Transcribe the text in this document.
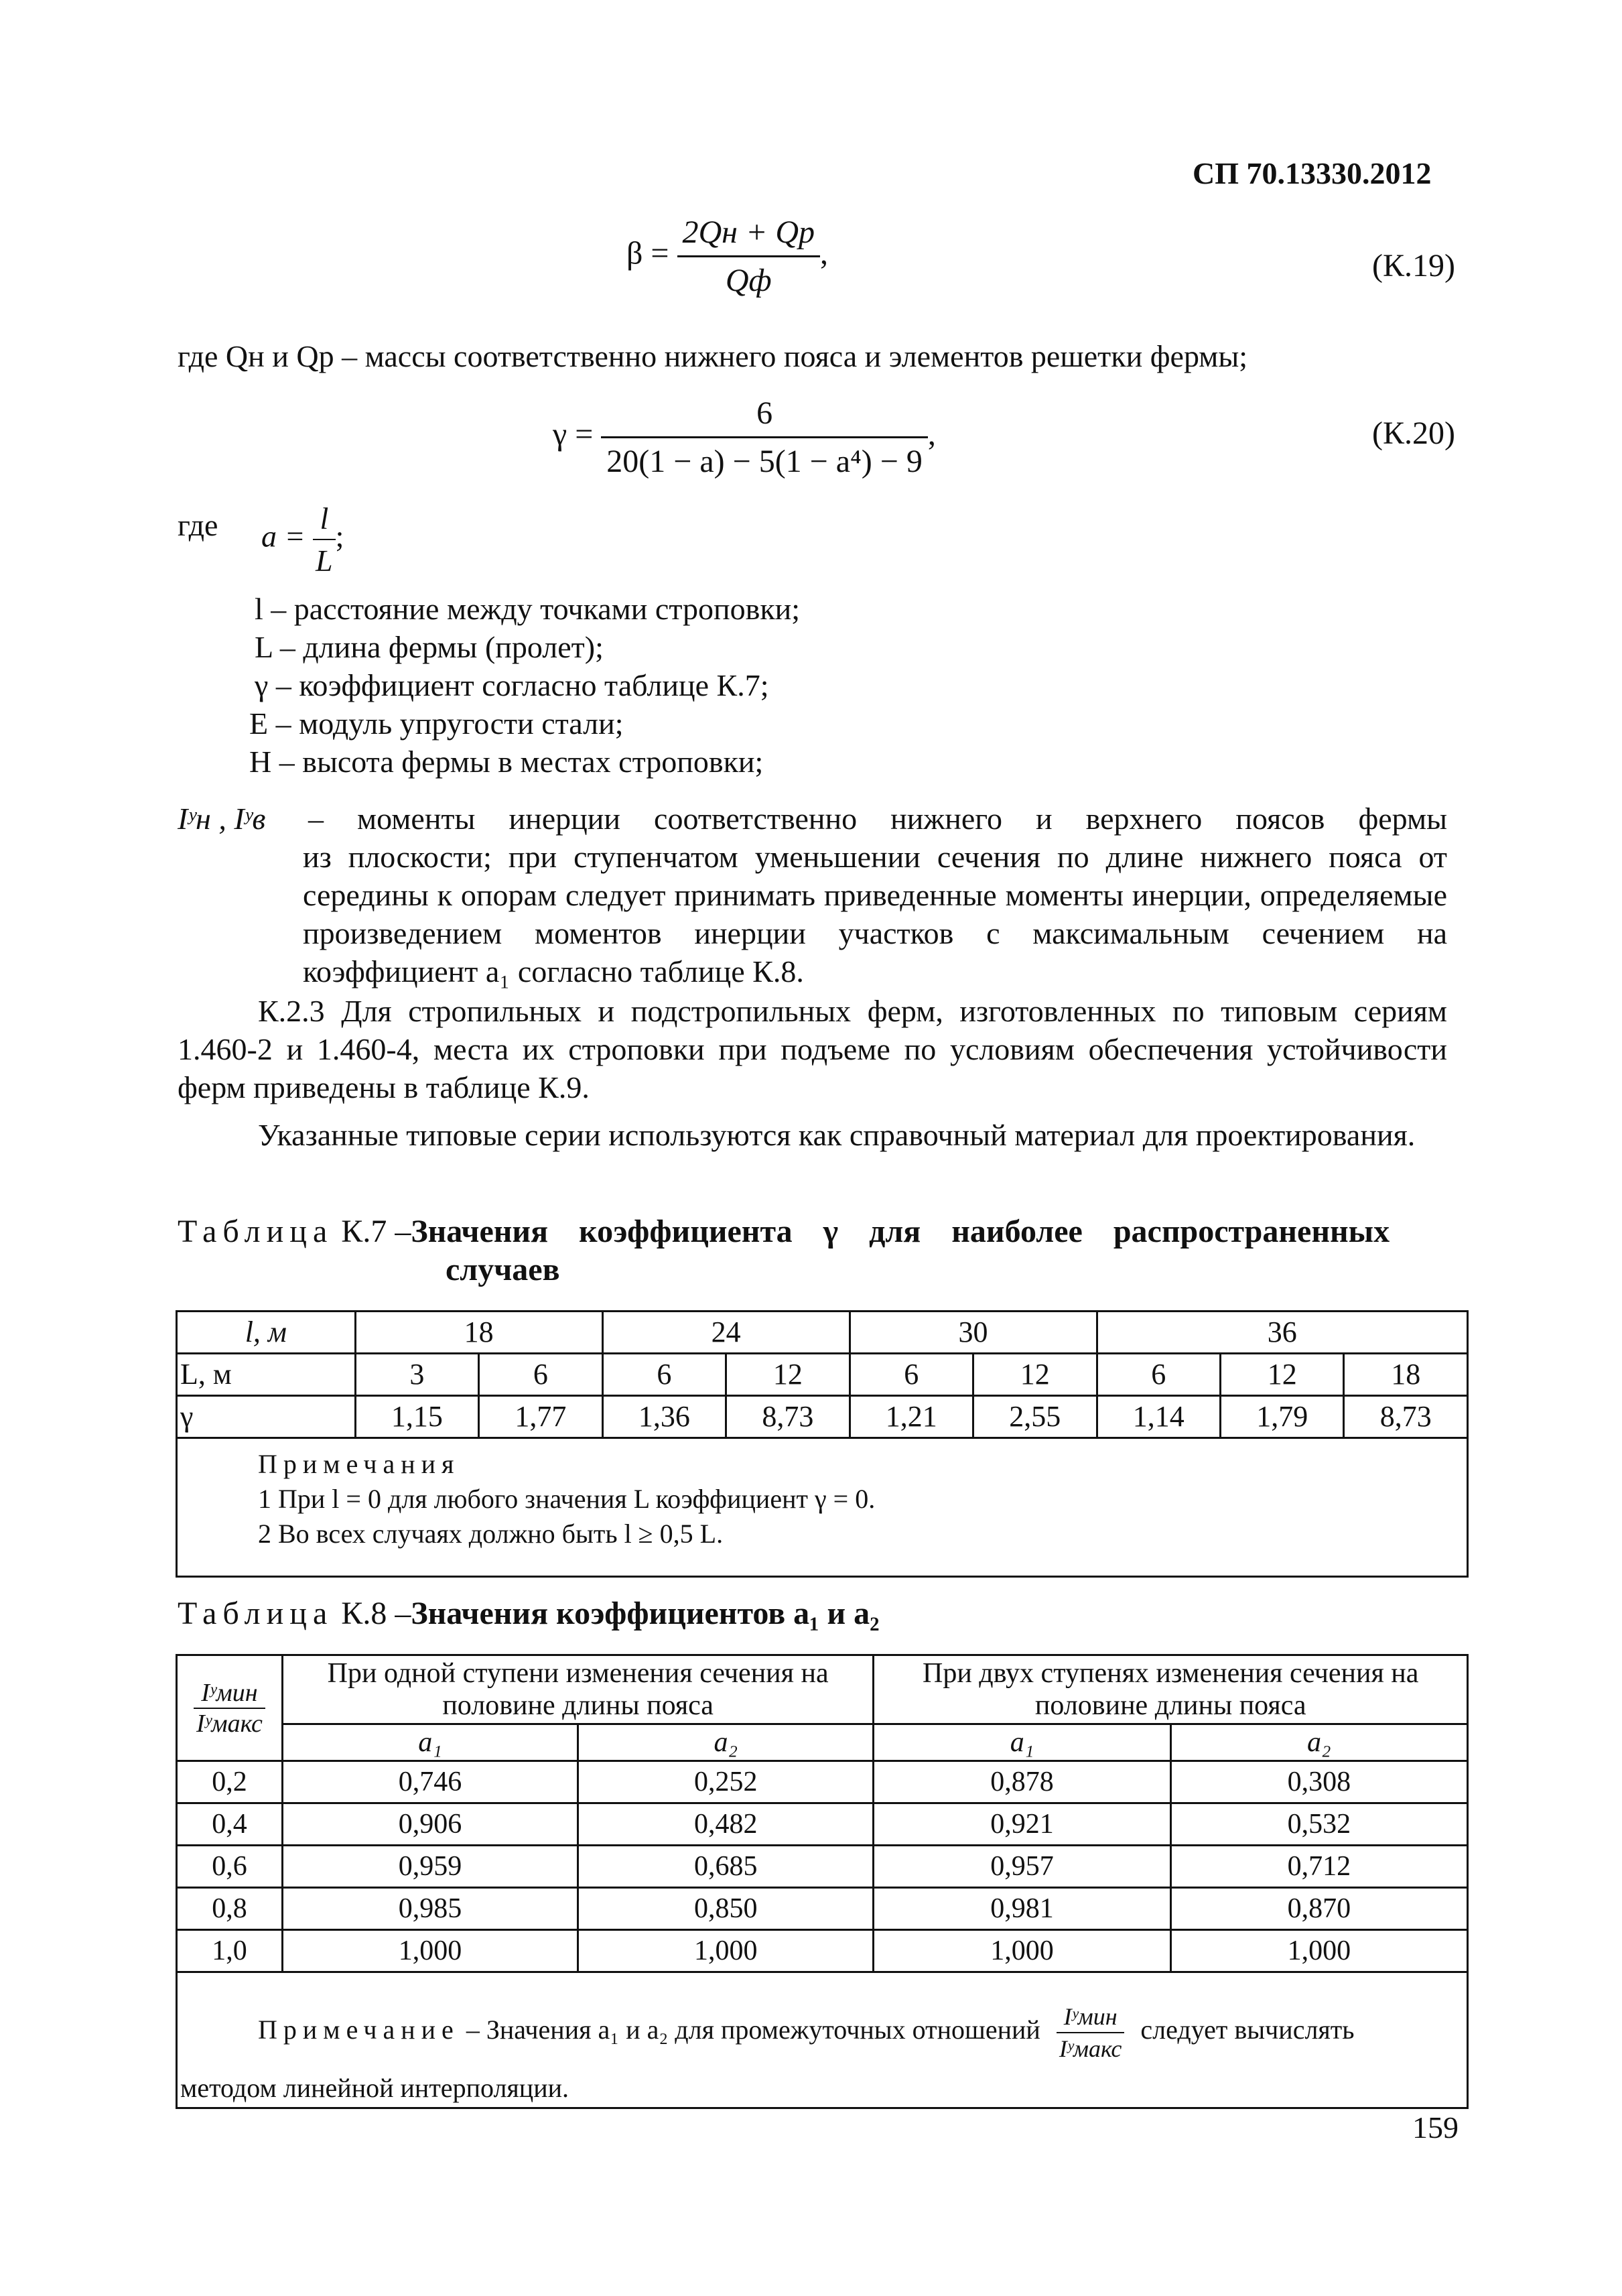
СП 70.13330.2012
$\beta = \frac{2Qн + Qр}{Qф}$ ,	(К.19)
где Qн и Qр – массы соответственно нижнего пояса и элементов решетки фермы;
$\gamma = \frac{6}{\text{20(1 − a) − 5(1 − a⁴) − 9}}$ ,	(К.20)
где $a = \frac{l}{L}$ ;
l – расстояние между точками строповки;
L – длина фермы (пролет);
γ – коэффициент согласно таблице К.7;
E – модуль упругости стали;
H – высота фермы в местах строповки;
Iʸн , Iʸв – моменты инерции соответственно нижнего и верхнего поясов фермы
из плоскости; при ступенчатом уменьшении сечения по длине нижнего пояса от середины к опорам следует принимать приведенные моменты инерции, определяемые произведением моментов инерции участков с максимальным сечением на коэффициент a₁ согласно таблице К.8.
К.2.3 Для стропильных и подстропильных ферм, изготовленных по типовым сериям 1.460-2 и 1.460-4, места их строповки при подъеме по условиям обеспечения устойчивости ферм приведены в таблице К.9.
Указанные типовые серии используются как справочный материал для проектирования.
Таблица К.7 –Значения коэффициента γ для наиболее распространенных
случаев
l, м	18		24		30		36		
L, м	3	6	6	12	6	12	6	12	18
γ	1,15	1,77	1,36	8,73	1,21	2,55	1,14	1,79	8,73

Примечания
1 При l = 0 для любого значения L коэффициент γ = 0.
2 Во всех случаях должно быть l ≥ 0,5 L.									
Таблица К.8 –Значения коэффициентов a₁ и a₂
$\frac{\text{Iʸмин}}{\text{Iʸмакс}}$	При одной ступени изменения сечения на половине длины пояса		При двух ступенях изменения сечения на половине длины пояса	
	a₁	a₂	a₁	a₂
0,2	0,746	0,252	0,878	0,308
0,4	0,906	0,482	0,921	0,532
0,6	0,959	0,685	0,957	0,712
0,8	0,985	0,850	0,981	0,870
1,0	1,000	1,000	1,000	1,000

Примечание – Значения a₁ и a₂ для промежуточных отношений $\frac{\text{Iʸмин}}{\text{Iʸмакс}}$ следует вычислять
методом линейной интерполяции.				
159
